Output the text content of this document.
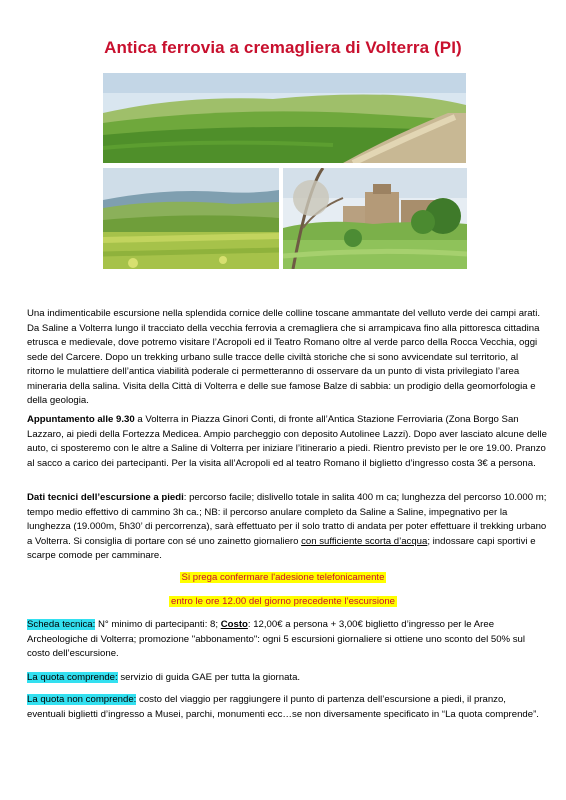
Antica ferrovia a cremagliera di Volterra (PI)

Una indimenticabile escursione nella splendida cornice delle colline toscane ammantate del velluto verde dei campi arati. Da Saline a Volterra lungo il tracciato della vecchia ferrovia a cremagliera che si arrampicava fino alla pittoresca cittadina etrusca e medievale, dove potremo visitare l’Acropoli ed il Teatro Romano oltre al verde parco della Rocca Vecchia, oggi sede del Carcere. Dopo un trekking urbano sulle tracce delle civiltà storiche che si sono avvicendate sul territorio, al ritorno le mulattiere dell’antica viabilità poderale ci permetteranno di osservare da un punto di vista privilegiato l’area mineraria della salina. Visita della Città di Volterra e delle sue famose Balze di sabbia: un prodigio della geomorfologia e della geologia.

Appuntamento alle 9.30 a Volterra in Piazza Ginori Conti, di fronte all’Antica Stazione Ferroviaria (Zona Borgo San Lazzaro, ai piedi della Fortezza Medicea. Ampio parcheggio con deposito Autolinee Lazzi). Dopo aver lasciato alcune delle auto, ci sposteremo con le altre a Saline di Volterra per iniziare l’itinerario a piedi. Rientro previsto per le ore 19.00. Pranzo al sacco a carico dei partecipanti. Per la visita all’Acropoli ed al teatro Romano il biglietto d’ingresso costa 3€ a persona.

Dati tecnici dell’escursione a piedi: percorso facile; dislivello totale in salita 400 m ca; lunghezza del percorso 10.000 m; tempo medio effettivo di cammino 3h ca.; NB: il percorso anulare completo da Saline a Saline, impegnativo per la lunghezza (19.000m, 5h30’ di percorrenza), sarà effettuato per il solo tratto di andata per poter effettuare il trekking urbano a Volterra. Si consiglia di portare con sé uno zainetto giornaliero con sufficiente scorta d’acqua; indossare capi sportivi e scarpe comode per camminare.

Si prega confermare l'adesione telefonicamente
entro le ore 12.00 del giorno precedente l’escursione

Scheda tecnica: N° minimo di partecipanti: 8; Costo: 12,00€ a persona + 3,00€ biglietto d’ingresso per le Aree Archeologiche di Volterra; promozione "abbonamento": ogni 5 escursioni giornaliere si ottiene uno sconto del 50% sul costo dell’escursione.

La quota comprende: servizio di guida GAE per tutta la giornata.

La quota non comprende: costo del viaggio per raggiungere il punto di partenza dell’escursione a piedi, il pranzo, eventuali biglietti d’ingresso a Musei, parchi, monumenti ecc…se non diversamente specificato in “La quota comprende”.
